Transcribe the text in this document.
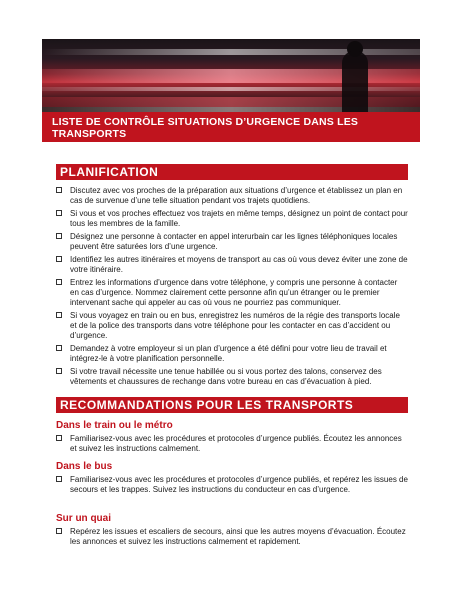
LISTE DE CONTRÔLE SITUATIONS D’URGENCE DANS LES TRANSPORTS
PLANIFICATION
Discutez avec vos proches de la préparation aux situations d’urgence et établissez un plan en cas de survenue d’une telle situation pendant vos trajets quotidiens.
Si vous et vos proches effectuez vos trajets en même temps, désignez un point de contact pour tous les membres de la famille.
Désignez une personne à contacter en appel interurbain car les lignes téléphoniques locales peuvent être saturées lors d’une urgence.
Identifiez les autres itinéraires et moyens de transport au cas où vous devez éviter une zone de votre itinéraire.
Entrez les informations d’urgence dans votre téléphone, y compris une personne à contacter en cas d’urgence. Nommez clairement cette personne afin qu’un étranger ou le premier intervenant sache qui appeler au cas où vous ne pourriez pas communiquer.
Si vous voyagez en train ou en bus, enregistrez les numéros de la régie des transports locale et de la police des transports dans votre téléphone pour les contacter en cas d’accident ou d’urgence.
Demandez à votre employeur si un plan d’urgence a été défini pour votre lieu de travail et intégrez-le à votre planification personnelle.
Si votre travail nécessite une tenue habillée ou si vous portez des talons, conservez des vêtements et chaussures de rechange dans votre bureau en cas d’évacuation à pied.
RECOMMANDATIONS POUR LES TRANSPORTS
Dans le train ou le métro
Familiarisez-vous avec les procédures et protocoles d’urgence publiés. Écoutez les annonces et suivez les instructions calmement.
Dans le bus
Familiarisez-vous avec les procédures et protocoles d’urgence publiés, et repérez les issues de secours et les trappes. Suivez les instructions du conducteur en cas d’urgence.
Sur un quai
Repérez les issues et escaliers de secours, ainsi que les autres moyens d’évacuation. Écoutez les annonces et suivez les instructions calmement et rapidement.
